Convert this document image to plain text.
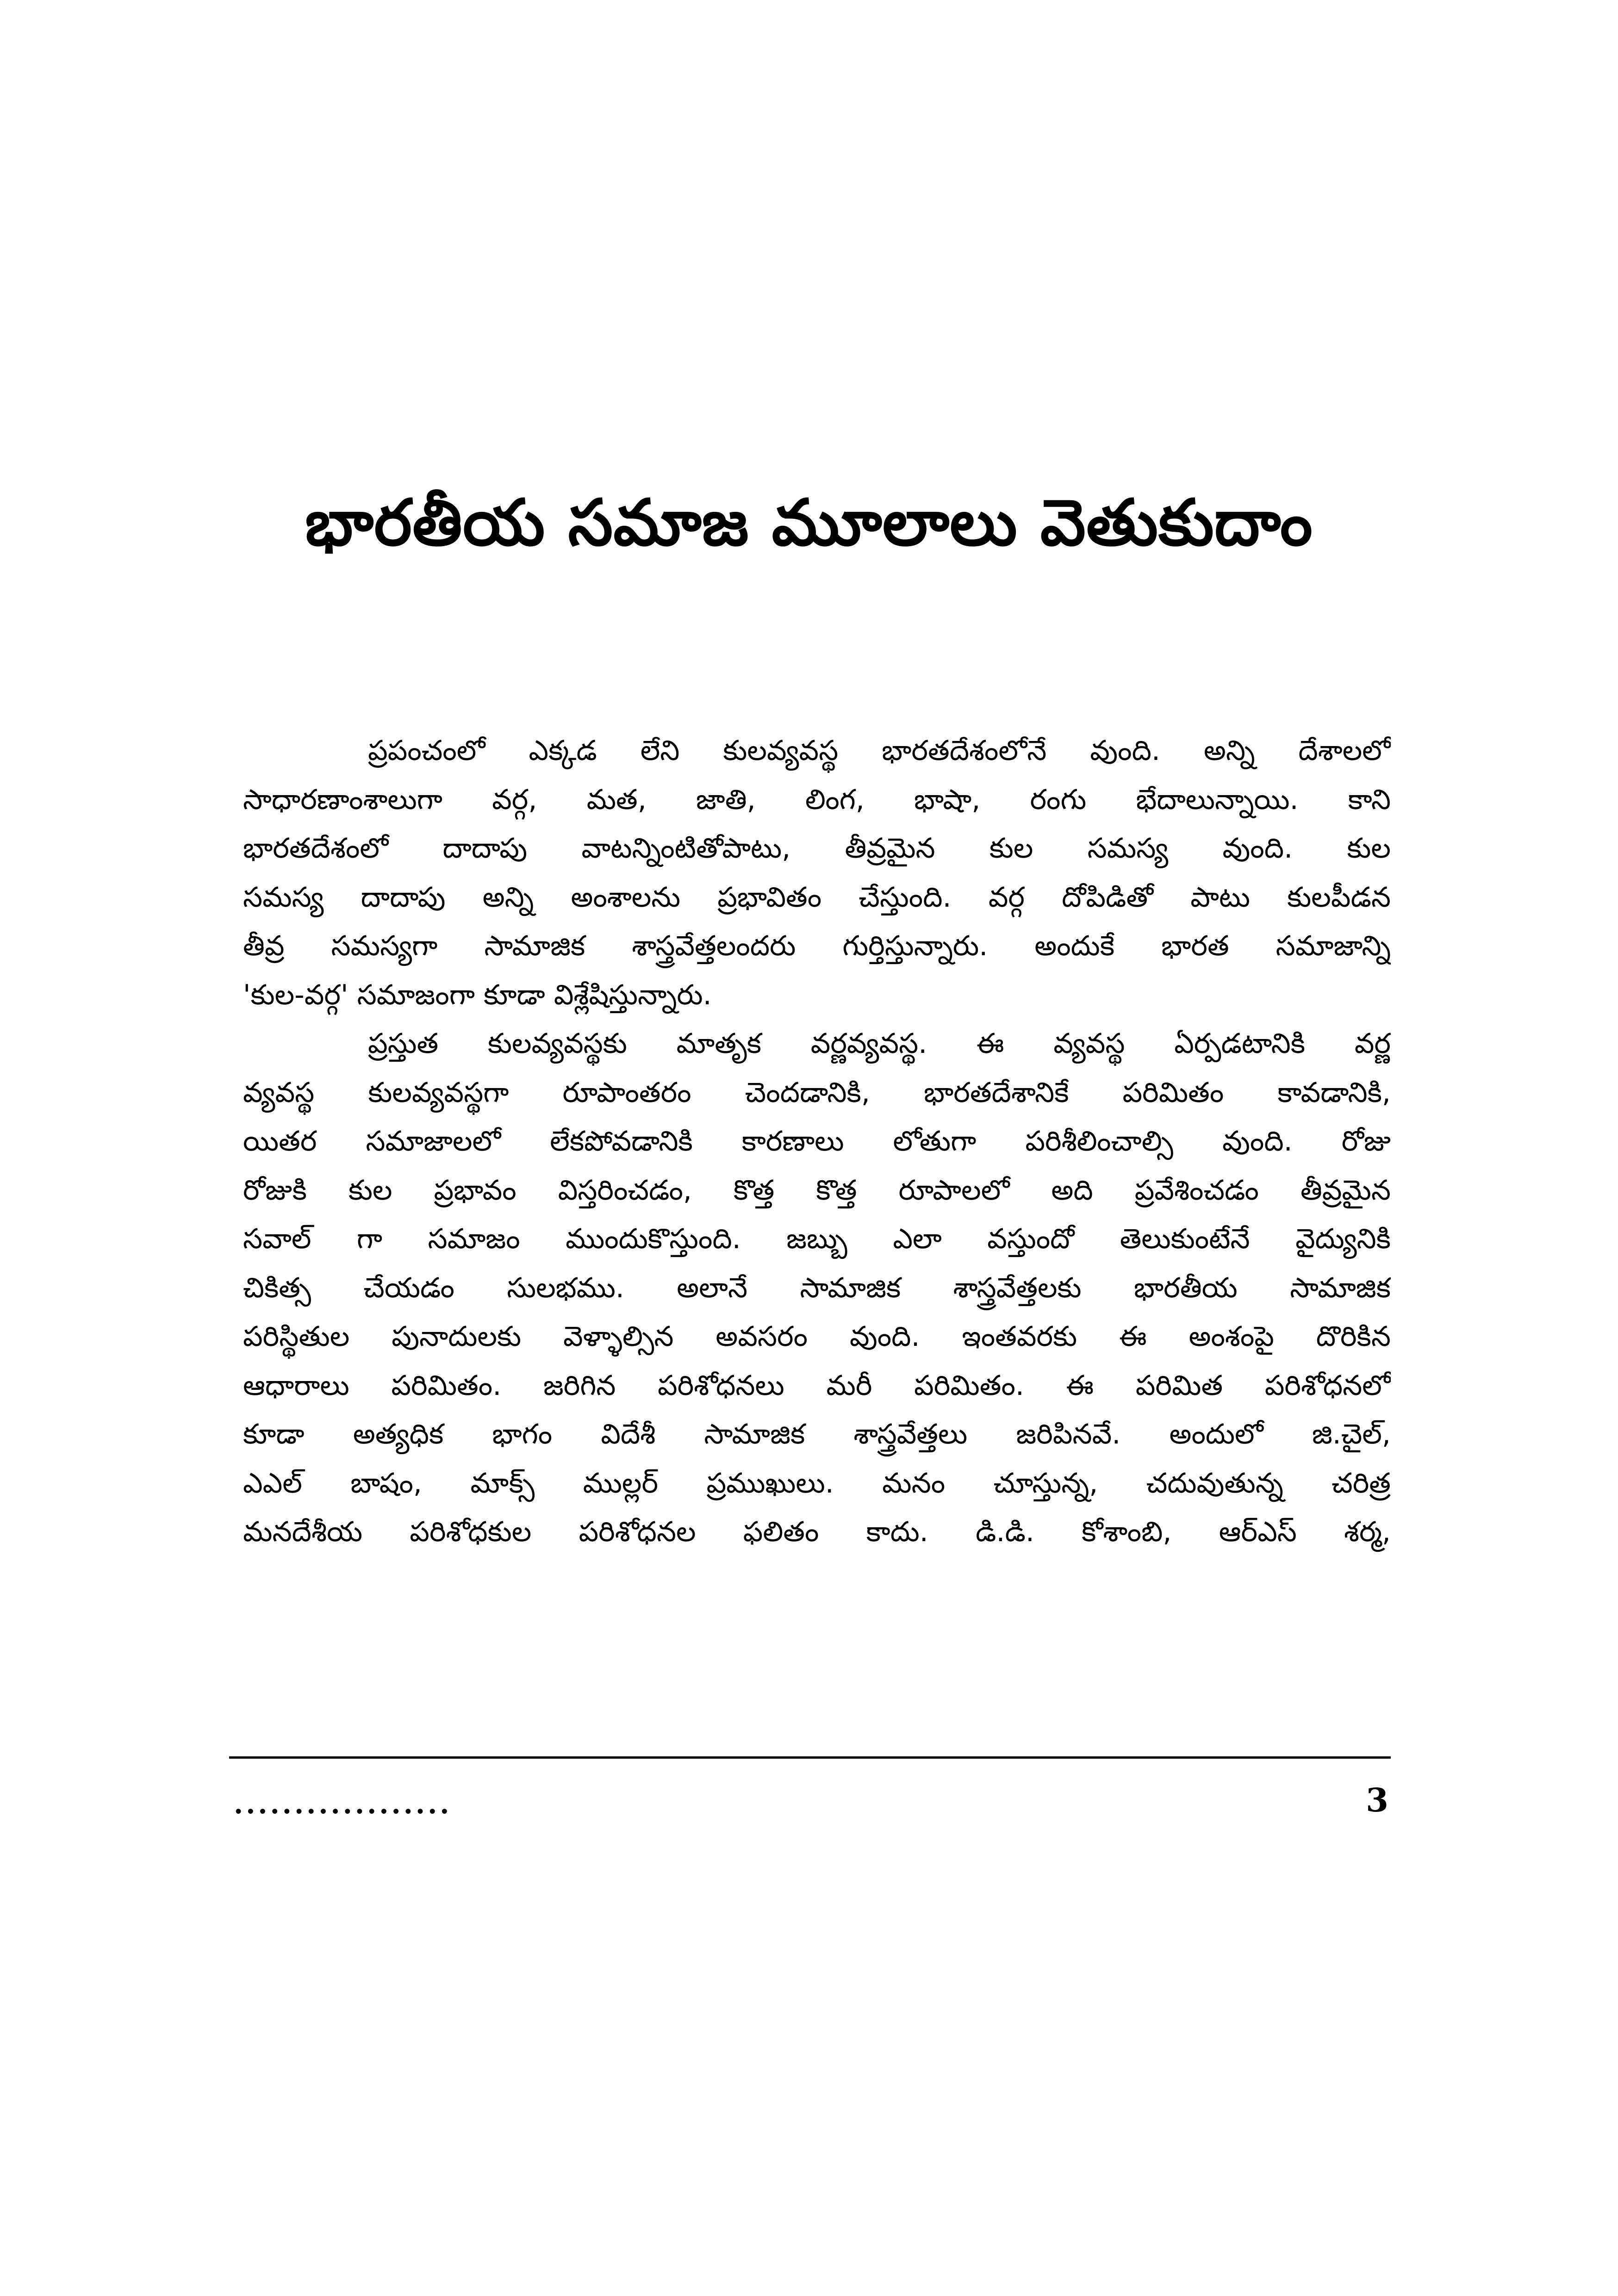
భారతీయ సమాజ మూలాలు వెతుకుదాం
ప్రపంచంలో ఎక్కడ లేని కులవ్యవస్థ భారతదేశంలోనే వుంది. అన్ని దేశాలలో
సాధారణాంశాలుగా వర్గ, మత, జాతి, లింగ, భాషా, రంగు భేదాలున్నాయి. కాని
భారతదేశంలో దాదాపు వాటన్నింటితోపాటు, తీవ్రమైన కుల సమస్య వుంది. కుల
సమస్య దాదాపు అన్ని అంశాలను ప్రభావితం చేస్తుంది. వర్గ దోపిడితో పాటు కులపీడన
తీవ్ర సమస్యగా సామాజిక శాస్త్రవేత్తలందరు గుర్తిస్తున్నారు. అందుకే భారత సమాజాన్ని
'కుల-వర్గ' సమాజంగా కూడా విశ్లేషిస్తున్నారు.
ప్రస్తుత కులవ్యవస్థకు మాతృక వర్ణవ్యవస్థ. ఈ వ్యవస్థ ఏర్పడటానికి వర్ణ
వ్యవస్థ కులవ్యవస్థగా రూపాంతరం చెందడానికి, భారతదేశానికే పరిమితం కావడానికి,
యితర సమాజాలలో లేకపోవడానికి కారణాలు లోతుగా పరిశీలించాల్సి వుంది. రోజు
రోజుకి కుల ప్రభావం విస్తరించడం, కొత్త కొత్త రూపాలలో అది ప్రవేశించడం తీవ్రమైన
సవాల్ గా సమాజం ముందుకొస్తుంది. జబ్బు ఎలా వస్తుందో తెలుకుంటేనే వైద్యునికి
చికిత్స చేయడం సులభము. అలానే సామాజిక శాస్త్రవేత్తలకు భారతీయ సామాజిక
పరిస్థితుల పునాదులకు వెళ్ళాల్సిన అవసరం వుంది. ఇంతవరకు ఈ అంశంపై దొరికిన
ఆధారాలు పరిమితం. జరిగిన పరిశోధనలు మరీ పరిమితం. ఈ పరిమిత పరిశోధనలో
కూడా అత్యధిక భాగం విదేశీ సామాజిక శాస్త్రవేత్తలు జరిపినవే. అందులో జి.చైల్,
ఎఎల్ బాషం, మాక్స్ ముల్లర్ ప్రముఖులు. మనం చూస్తున్న, చదువుతున్న చరిత్ర
మనదేశీయ పరిశోధకుల పరిశోధనల ఫలితం కాదు. డి.డి. కోశాంబి, ఆర్ఎస్ శర్మ,
..................	3
